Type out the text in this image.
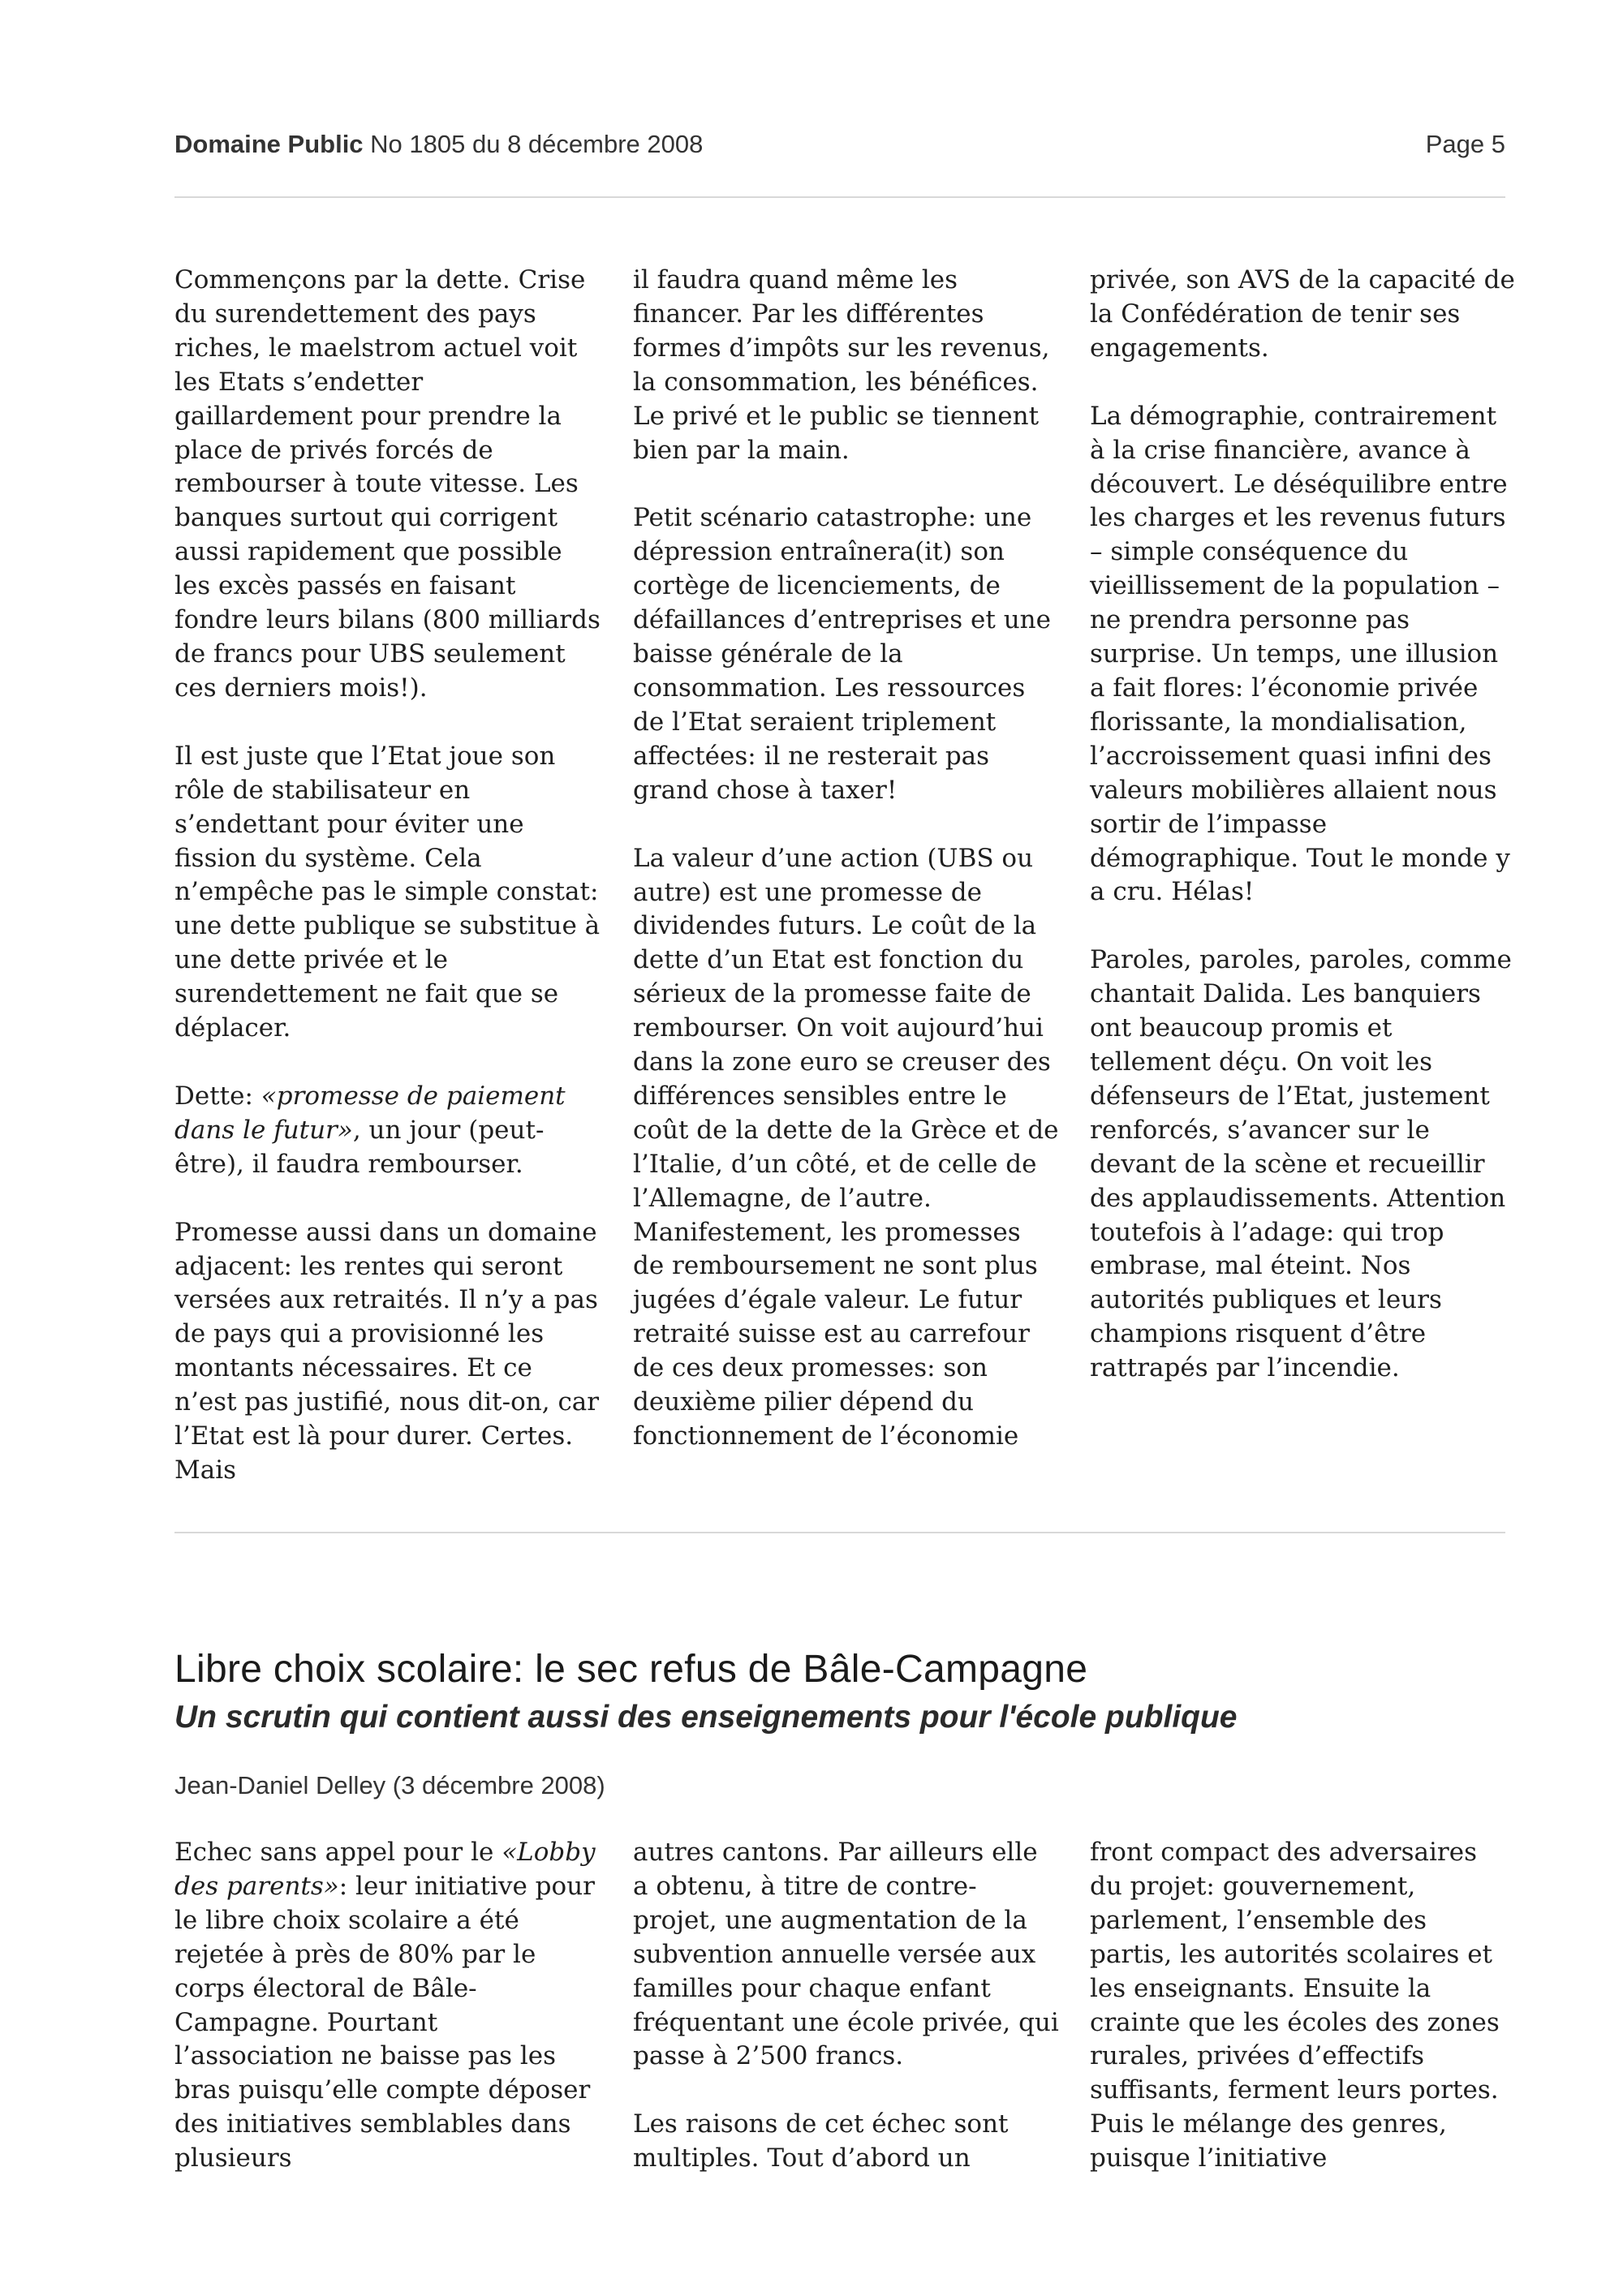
Domaine Public No 1805 du 8 décembre 2008	Page 5

Commençons par la dette. Crise du surendettement des pays riches, le maelstrom actuel voit les Etats s’endetter gaillardement pour prendre la place de privés forcés de rembourser à toute vitesse. Les banques surtout qui corrigent aussi rapidement que possible les excès passés en faisant fondre leurs bilans (800 milliards de francs pour UBS seulement ces derniers mois!).

Il est juste que l’Etat joue son rôle de stabilisateur en s’endettant pour éviter une fission du système. Cela n’empêche pas le simple constat: une dette publique se substitue à une dette privée et le surendettement ne fait que se déplacer.

Dette: «promesse de paiement dans le futur», un jour (peut-être), il faudra rembourser.

Promesse aussi dans un domaine adjacent: les rentes qui seront versées aux retraités. Il n’y a pas de pays qui a provisionné les montants nécessaires. Et ce n’est pas justifié, nous dit-on, car l’Etat est là pour durer. Certes. Mais

il faudra quand même les financer. Par les différentes formes d’impôts sur les revenus, la consommation, les bénéfices. Le privé et le public se tiennent bien par la main.

Petit scénario catastrophe: une dépression entraînera(it) son cortège de licenciements, de défaillances d’entreprises et une baisse générale de la consommation. Les ressources de l’Etat seraient triplement affectées: il ne resterait pas grand chose à taxer!

La valeur d’une action (UBS ou autre) est une promesse de dividendes futurs. Le coût de la dette d’un Etat est fonction du sérieux de la promesse faite de rembourser. On voit aujourd’hui dans la zone euro se creuser des différences sensibles entre le coût de la dette de la Grèce et de l’Italie, d’un côté, et de celle de l’Allemagne, de l’autre. Manifestement, les promesses de remboursement ne sont plus jugées d’égale valeur. Le futur retraité suisse est au carrefour de ces deux promesses: son deuxième pilier dépend du fonctionnement de l’économie

privée, son AVS de la capacité de la Confédération de tenir ses engagements.

La démographie, contrairement à la crise financière, avance à découvert. Le déséquilibre entre les charges et les revenus futurs – simple conséquence du vieillissement de la population – ne prendra personne pas surprise. Un temps, une illusion a fait flores: l’économie privée florissante, la mondialisation, l’accroissement quasi infini des valeurs mobilières allaient nous sortir de l’impasse démographique. Tout le monde y a cru. Hélas!

Paroles, paroles, paroles, comme chantait Dalida. Les banquiers ont beaucoup promis et tellement déçu. On voit les défenseurs de l’Etat, justement renforcés, s’avancer sur le devant de la scène et recueillir des applaudissements. Attention toutefois à l’adage: qui trop embrase, mal éteint. Nos autorités publiques et leurs champions risquent d’être rattrapés par l’incendie.

Libre choix scolaire: le sec refus de Bâle-Campagne
Un scrutin qui contient aussi des enseignements pour l'école publique

Jean-Daniel Delley (3 décembre 2008)

Echec sans appel pour le «Lobby des parents»: leur initiative pour le libre choix scolaire a été rejetée à près de 80% par le corps électoral de Bâle-Campagne. Pourtant l’association ne baisse pas les bras puisqu’elle compte déposer des initiatives semblables dans plusieurs

autres cantons. Par ailleurs elle a obtenu, à titre de contre-projet, une augmentation de la subvention annuelle versée aux familles pour chaque enfant fréquentant une école privée, qui passe à 2’500 francs.

Les raisons de cet échec sont multiples. Tout d’abord un

front compact des adversaires du projet: gouvernement, parlement, l’ensemble des partis, les autorités scolaires et les enseignants. Ensuite la crainte que les écoles des zones rurales, privées d’effectifs suffisants, ferment leurs portes. Puis le mélange des genres, puisque l’initiative
